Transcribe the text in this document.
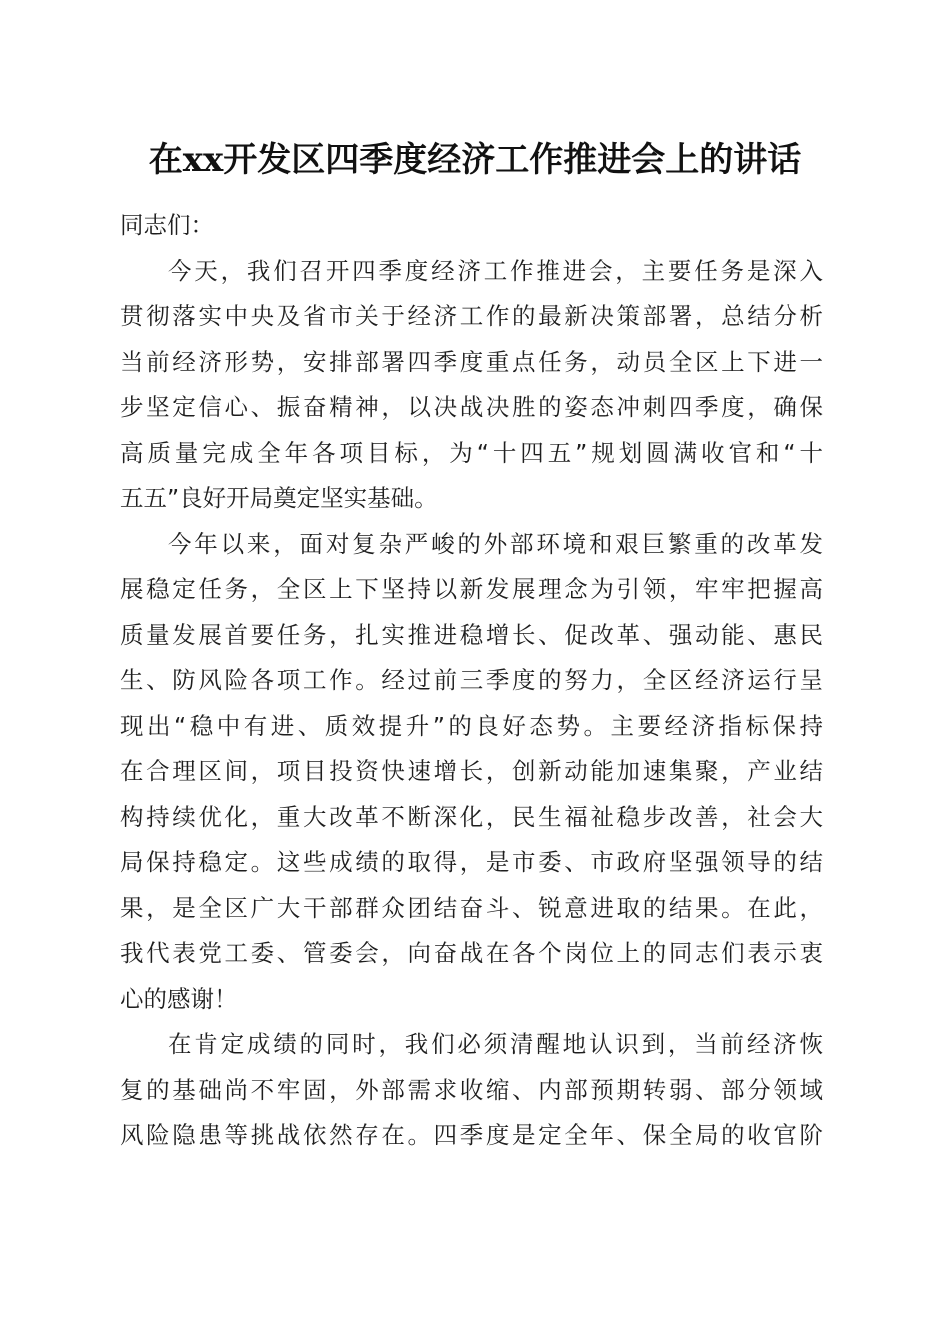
在xx开发区四季度经济工作推进会上的讲话

同志们：

今天，我们召开四季度经济工作推进会，主要任务是深入
贯彻落实中央及省市关于经济工作的最新决策部署，总结分析
当前经济形势，安排部署四季度重点任务，动员全区上下进一
步坚定信心、振奋精神，以决战决胜的姿态冲刺四季度，确保
高质量完成全年各项目标，为“十四五”规划圆满收官和“十
五五”良好开局奠定坚实基础。
今年以来，面对复杂严峻的外部环境和艰巨繁重的改革发
展稳定任务，全区上下坚持以新发展理念为引领，牢牢把握高
质量发展首要任务，扎实推进稳增长、促改革、强动能、惠民
生、防风险各项工作。经过前三季度的努力，全区经济运行呈
现出“稳中有进、质效提升”的良好态势。主要经济指标保持
在合理区间，项目投资快速增长，创新动能加速集聚，产业结
构持续优化，重大改革不断深化，民生福祉稳步改善，社会大
局保持稳定。这些成绩的取得，是市委、市政府坚强领导的结
果，是全区广大干部群众团结奋斗、锐意进取的结果。在此，
我代表党工委、管委会，向奋战在各个岗位上的同志们表示衷
心的感谢！
在肯定成绩的同时，我们必须清醒地认识到，当前经济恢
复的基础尚不牢固，外部需求收缩、内部预期转弱、部分领域
风险隐患等挑战依然存在。四季度是定全年、保全局的收官阶
